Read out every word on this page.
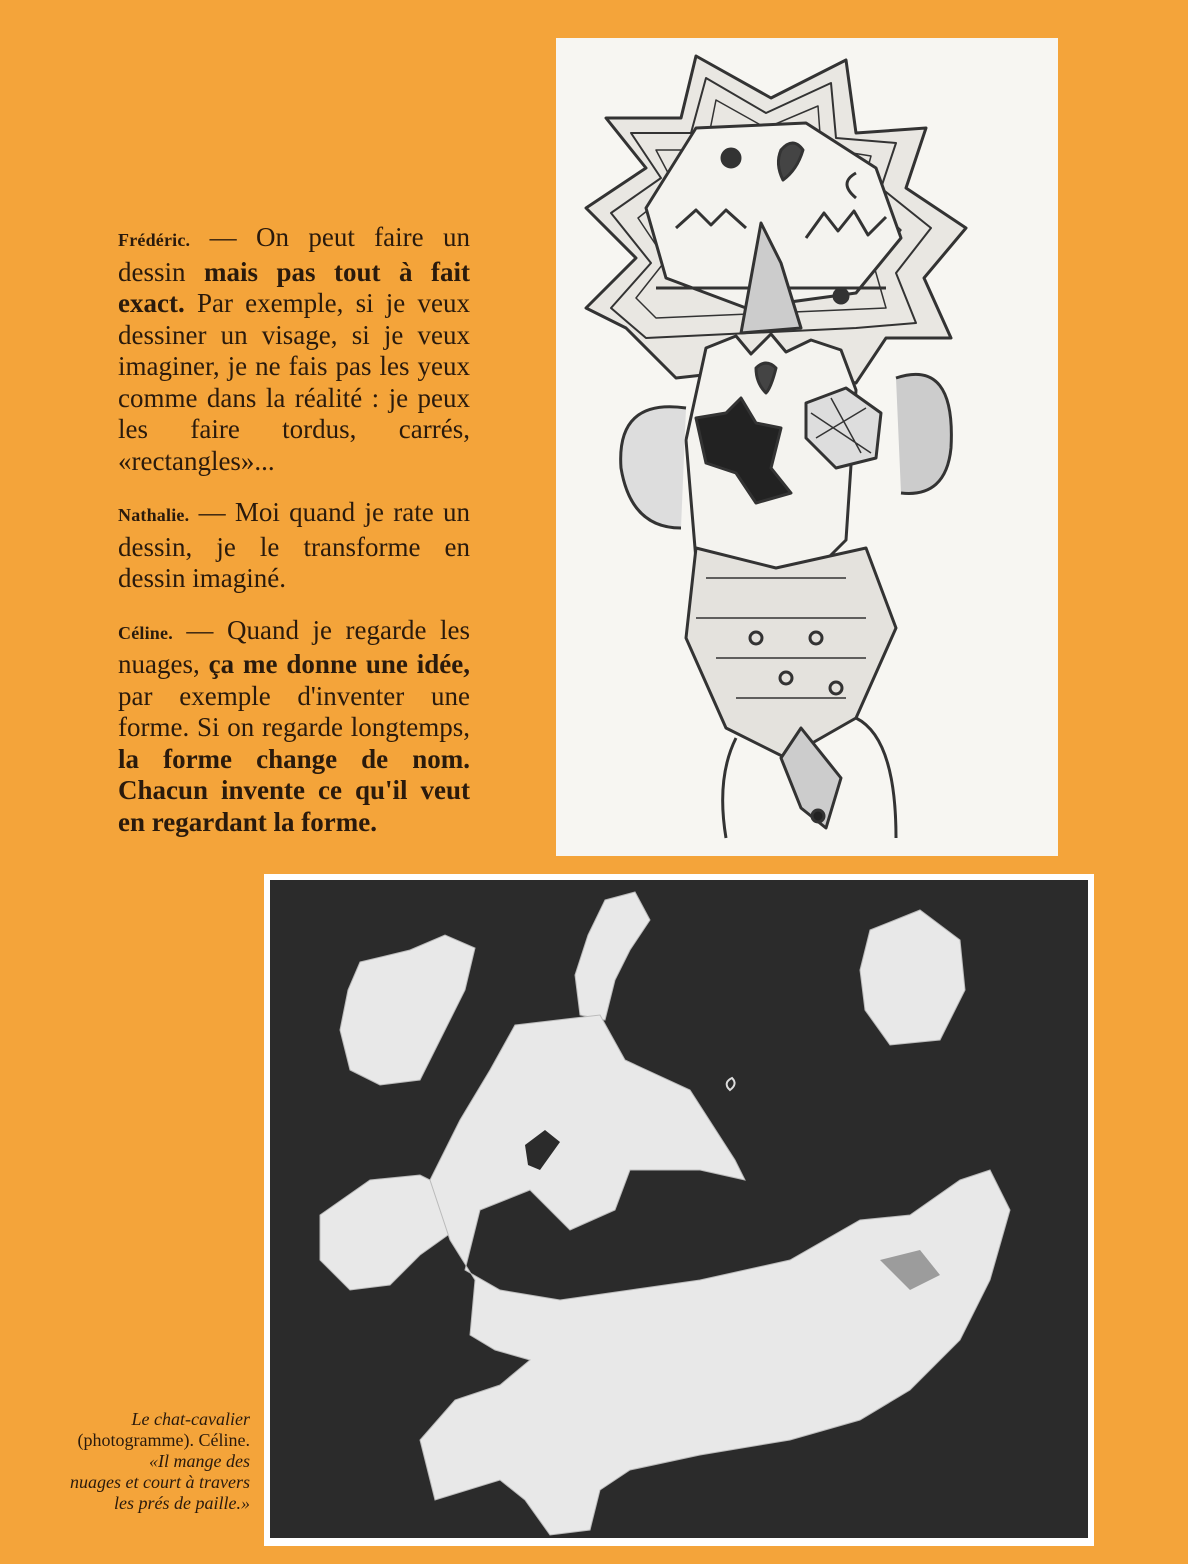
Frédéric. — On peut faire un dessin mais pas tout à fait exact. Par exemple, si je veux dessiner un visage, si je veux imaginer, je ne fais pas les yeux comme dans la réalité : je peux les faire tordus, carrés, «rectangles»...

Nathalie. — Moi quand je rate un dessin, je le transforme en dessin imaginé.

Céline. — Quand je regarde les nuages, ça me donne une idée, par exemple d'inventer une forme. Si on regarde longtemps, la forme change de nom. Chacun invente ce qu'il veut en regardant la forme.

Le chat-cavalier
(photogramme). Céline.
«Il mange des
nuages et court à travers
les prés de paille.»
